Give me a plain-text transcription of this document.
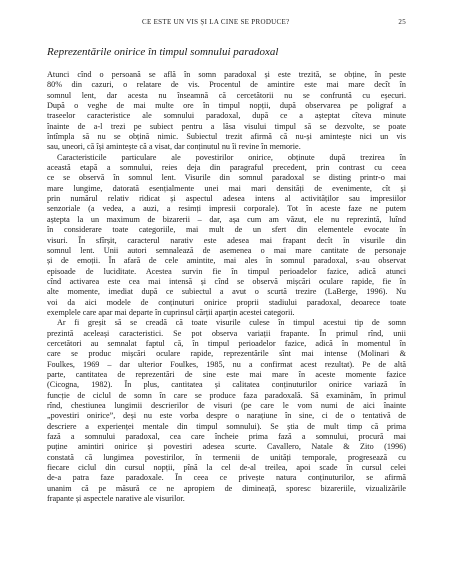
CE ESTE UN VIS ȘI LA CINE SE PRODUCE?	25
Reprezentările onirice în timpul somnului paradoxal

Atunci cînd o persoană se află în somn paradoxal și este trezită, se obține, în peste
80% din cazuri, o relatare de vis. Procentul de amintire este mai mare decît în
somnul lent, dar acesta nu înseamnă că cercetătorii nu se confruntă cu eșecuri.
După o veghe de mai multe ore în timpul nopții, după observarea pe poligraf a
traseelor caracteristice ale somnului paradoxal, după ce a așteptat cîteva minute
înainte de a-l trezi pe subiect pentru a lăsa visului timpul să se dezvolte, se poate
întîmpla să nu se obțină nimic. Subiectul trezit afirmă că nu-și amintește nici un vis
sau, uneori, că își amintește că a visat, dar conținutul nu îi revine în memorie.

Caracteristicile particulare ale povestirilor onirice, obținute după trezirea în
această etapă a somnului, reies deja din paragraful precedent, prin contrast cu ceea
ce se observă în somnul lent. Visurile din somnul paradoxal se disting printr-o mai
mare lungime, datorată esențialmente unei mai mari densități de evenimente, cît și
prin numărul relativ ridicat și aspectul adesea intens al activităților sau impresiilor
senzoriale (a vedea, a auzi, a resimți impresii corporale). Tot în aceste faze ne putem
aștepta la un maximum de bizarerii – dar, așa cum am văzut, ele nu reprezintă, luînd
în considerare toate categoriile, mai mult de un sfert din elementele evocate în
visuri. În sfîrșit, caracterul narativ este adesea mai frapant decît în visurile din
somnul lent. Unii autori semnalează de asemenea o mai mare cantitate de personaje
și de emoții. În afară de cele amintite, mai ales în somnul paradoxal, s-au observat
episoade de luciditate. Acestea survin fie în timpul perioadelor fazice, adică atunci
cînd activarea este cea mai intensă și cînd se observă mișcări oculare rapide, fie în
alte momente, imediat după ce subiectul a avut o scurtă trezire (LaBerge, 1996). Nu
voi da aici modele de conținuturi onirice proprii stadiului paradoxal, deoarece toate
exemplele care apar mai departe în cuprinsul cărții aparțin acestei categorii.

Ar fi greșit să se creadă că toate visurile culese în timpul acestui tip de somn
prezintă aceleași caracteristici. Se pot observa variații frapante. În primul rînd, unii
cercetători au semnalat faptul că, în timpul perioadelor fazice, adică în momentul în
care se produc mișcări oculare rapide, reprezentările sînt mai intense (Molinari &
Foulkes, 1969 – dar ulterior Foulkes, 1985, nu a confirmat acest rezultat). Pe de altă
parte, cantitatea de reprezentări de sine este mai mare în aceste momente fazice
(Cicogna, 1982). În plus, cantitatea și calitatea conținuturilor onirice variază în
funcție de ciclul de somn în care se produce faza paradoxală. Să examinăm, în primul
rînd, chestiunea lungimii descrierilor de visuri (pe care le vom numi de aici înainte
„povestiri onirice”, deși nu este vorba despre o narațiune în sine, ci de o tentativă de
descriere a experienței mentale din timpul somnului). Se știa de mult timp că prima
fază a somnului paradoxal, cea care încheie prima fază a somnului, procură mai
puține amintiri onirice și povestiri adesea scurte. Cavallero, Natale & Zito (1996)
constată că lungimea povestirilor, în termenii de unități temporale, progresează cu
fiecare ciclul din cursul nopții, pînă la cel de-al treilea, apoi scade în cursul celei
de-a patra faze paradoxale. În ceea ce privește natura conținuturilor, se afirmă
unanim că pe măsură ce ne apropiem de dimineață, sporesc bizareriile, vizualizările
frapante și aspectele narative ale visurilor.
